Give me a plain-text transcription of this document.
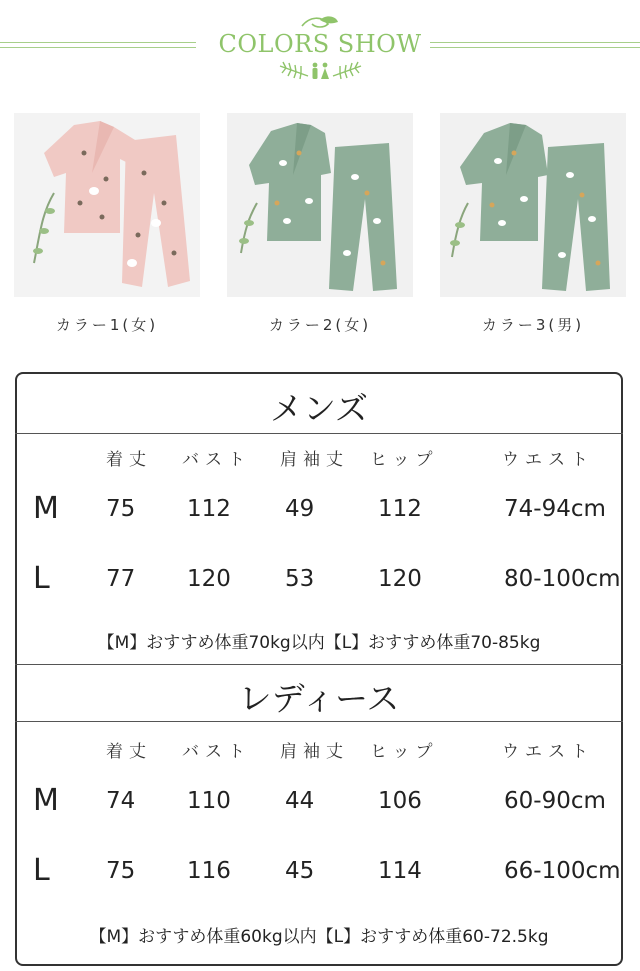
COLORS SHOW
カラー1(女)	カラー2(女)	カラー3(男)
メンズ
着丈 バスト 肩袖丈 ヒップ	ウエスト
M 75 112 49	112	74-94cm
L 77 120 53	120	80-100cm
【M】おすすめ体重70kg以内【L】おすすめ体重70-85kg
レディース
着丈 バスト 肩袖丈 ヒップ	ウエスト
M 74 110 44	106	60-90cm
L 75 116 45	114	66-100cm
【M】おすすめ体重60kg以内【L】おすすめ体重60-72.5kg
